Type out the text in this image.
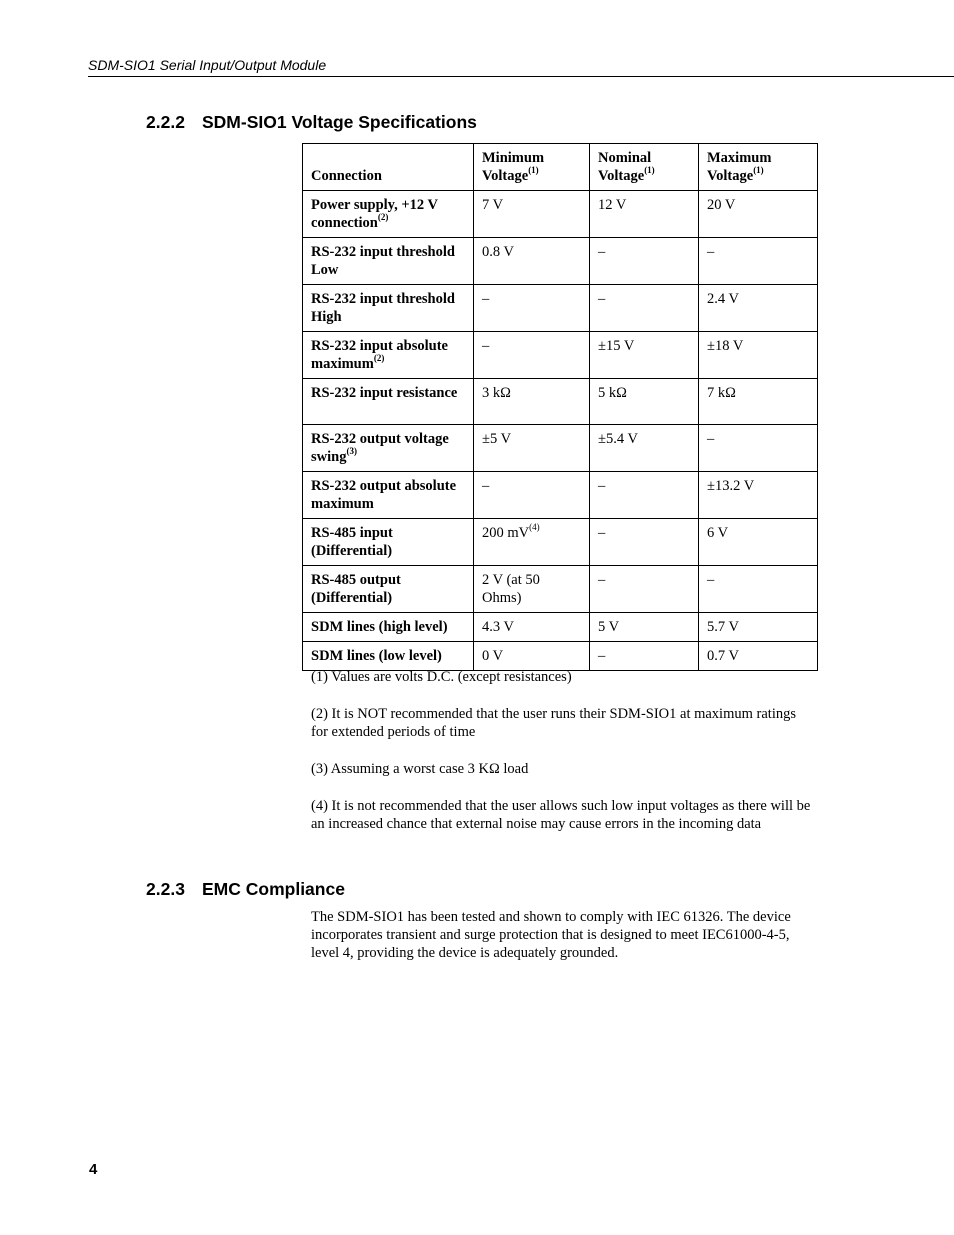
SDM-SIO1 Serial Input/Output Module
2.2.2 SDM-SIO1 Voltage Specifications
Connection	Minimum Voltage$^{(1)}$	Nominal Voltage$^{(1)}$	Maximum Voltage$^{(1)}$
Power supply, +12 V connection$^{(2)}$	7 V	12 V	20 V
RS-232 input threshold Low	0.8 V	–	–
RS-232 input threshold High	–	–	2.4 V
RS-232 input absolute maximum$^{(2)}$	–	±15 V	±18 V
RS-232 input resistance	3 kΩ	5 kΩ	7 kΩ
RS-232 output voltage swing$^{(3)}$	±5 V	±5.4 V	–
RS-232 output absolute maximum	–	–	±13.2 V
RS-485 input (Differential)	200 $mV^{(4)}$	–	6 V
RS-485 output (Differential)	2 V (at 50 Ohms)	–	–
SDM lines (high level)	4.3 V	5 V	5.7 V
SDM lines (low level)	0 V	–	0.7 V

(1) Values are volts D.C. (except resistances)

(2) It is NOT recommended that the user runs their SDM-SIO1 at maximum ratings for extended periods of time

(3) Assuming a worst case 3 KΩ load

(4) It is not recommended that the user allows such low input voltages as there will be an increased chance that external noise may cause errors in the incoming data

2.2.3 EMC Compliance

The SDM-SIO1 has been tested and shown to comply with IEC 61326. The device incorporates transient and surge protection that is designed to meet IEC61000-4-5, level 4, providing the device is adequately grounded.

4
